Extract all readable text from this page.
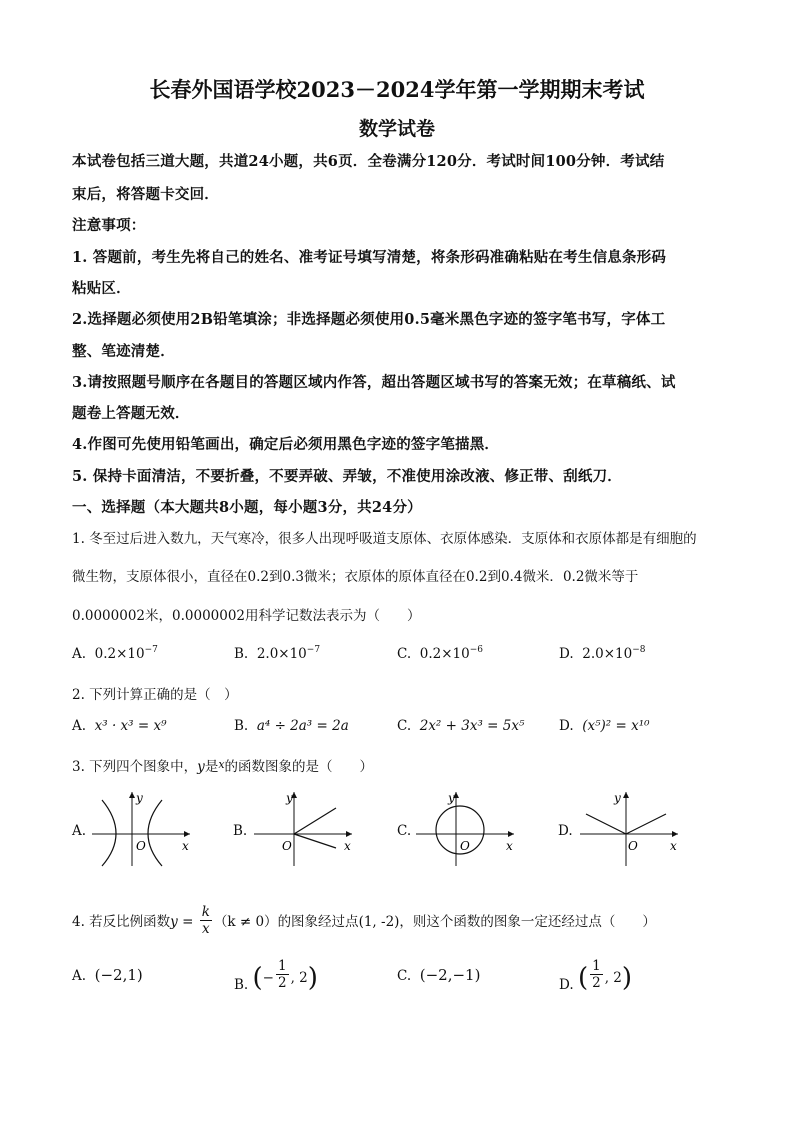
长春外国语学校2023－2024学年第一学期期末考试
数学试卷
本试卷包括三道大题，共道24小题，共6页．全卷满分120分．考试时间100分钟．考试结
束后，将答题卡交回．
注意事项：
1. 答题前，考生先将自己的姓名、准考证号填写清楚，将条形码准确粘贴在考生信息条形码
粘贴区．
2.选择题必须使用2B铅笔填涂；非选择题必须使用0.5毫米黑色字迹的签字笔书写，字体工
整、笔迹清楚．
3.请按照题号顺序在各题目的答题区域内作答，超出答题区域书写的答案无效；在草稿纸、试
题卷上答题无效．
4.作图可先使用铅笔画出，确定后必须用黑色字迹的签字笔描黑．
5. 保持卡面清洁，不要折叠，不要弄破、弄皱，不准使用涂改液、修正带、刮纸刀．
一、选择题（本大题共8小题，每小题3分，共24分）
1. 冬至过后进入数九，天气寒冷，很多人出现呼吸道支原体、衣原体感染．支原体和衣原体都是有细胞的
微生物，支原体很小，直径在0.2到0.3微米；衣原体的原体直径在0.2到0.4微米．0.2微米等于
0.0000002米，0.0000002用科学记数法表示为（　　）
A. $0.2\times 10^{-7}$	B. $2.0\times 10^{-7}$	C. $0.2\times 10^{-6}$	D. $2.0\times 10^{-8}$
2. 下列计算正确的是（　）
A. x³ · x³ = x⁹	B. a⁴ ÷ 2a³ = 2a	C. 2x² + 3x³ = 5x⁵	D. (x⁵)² = x¹⁰
3. 下列四个图象中，y是$^x$的函数图象的是（　　）
A.
y
x
O
B.
y
x
O
C.
y
x
O
D.
y
x
O
4. 若反比例函数$y = \frac{k}{x} (k \ne 0)$的图象经过点(1, -2)，则这个函数的图象一定还经过点（　　）
A. (−2,1)
B. (− $\frac{1}{2}$ , 2)	C. (−2,−1)
D. ( $\frac{1}{2}$ , 2)
